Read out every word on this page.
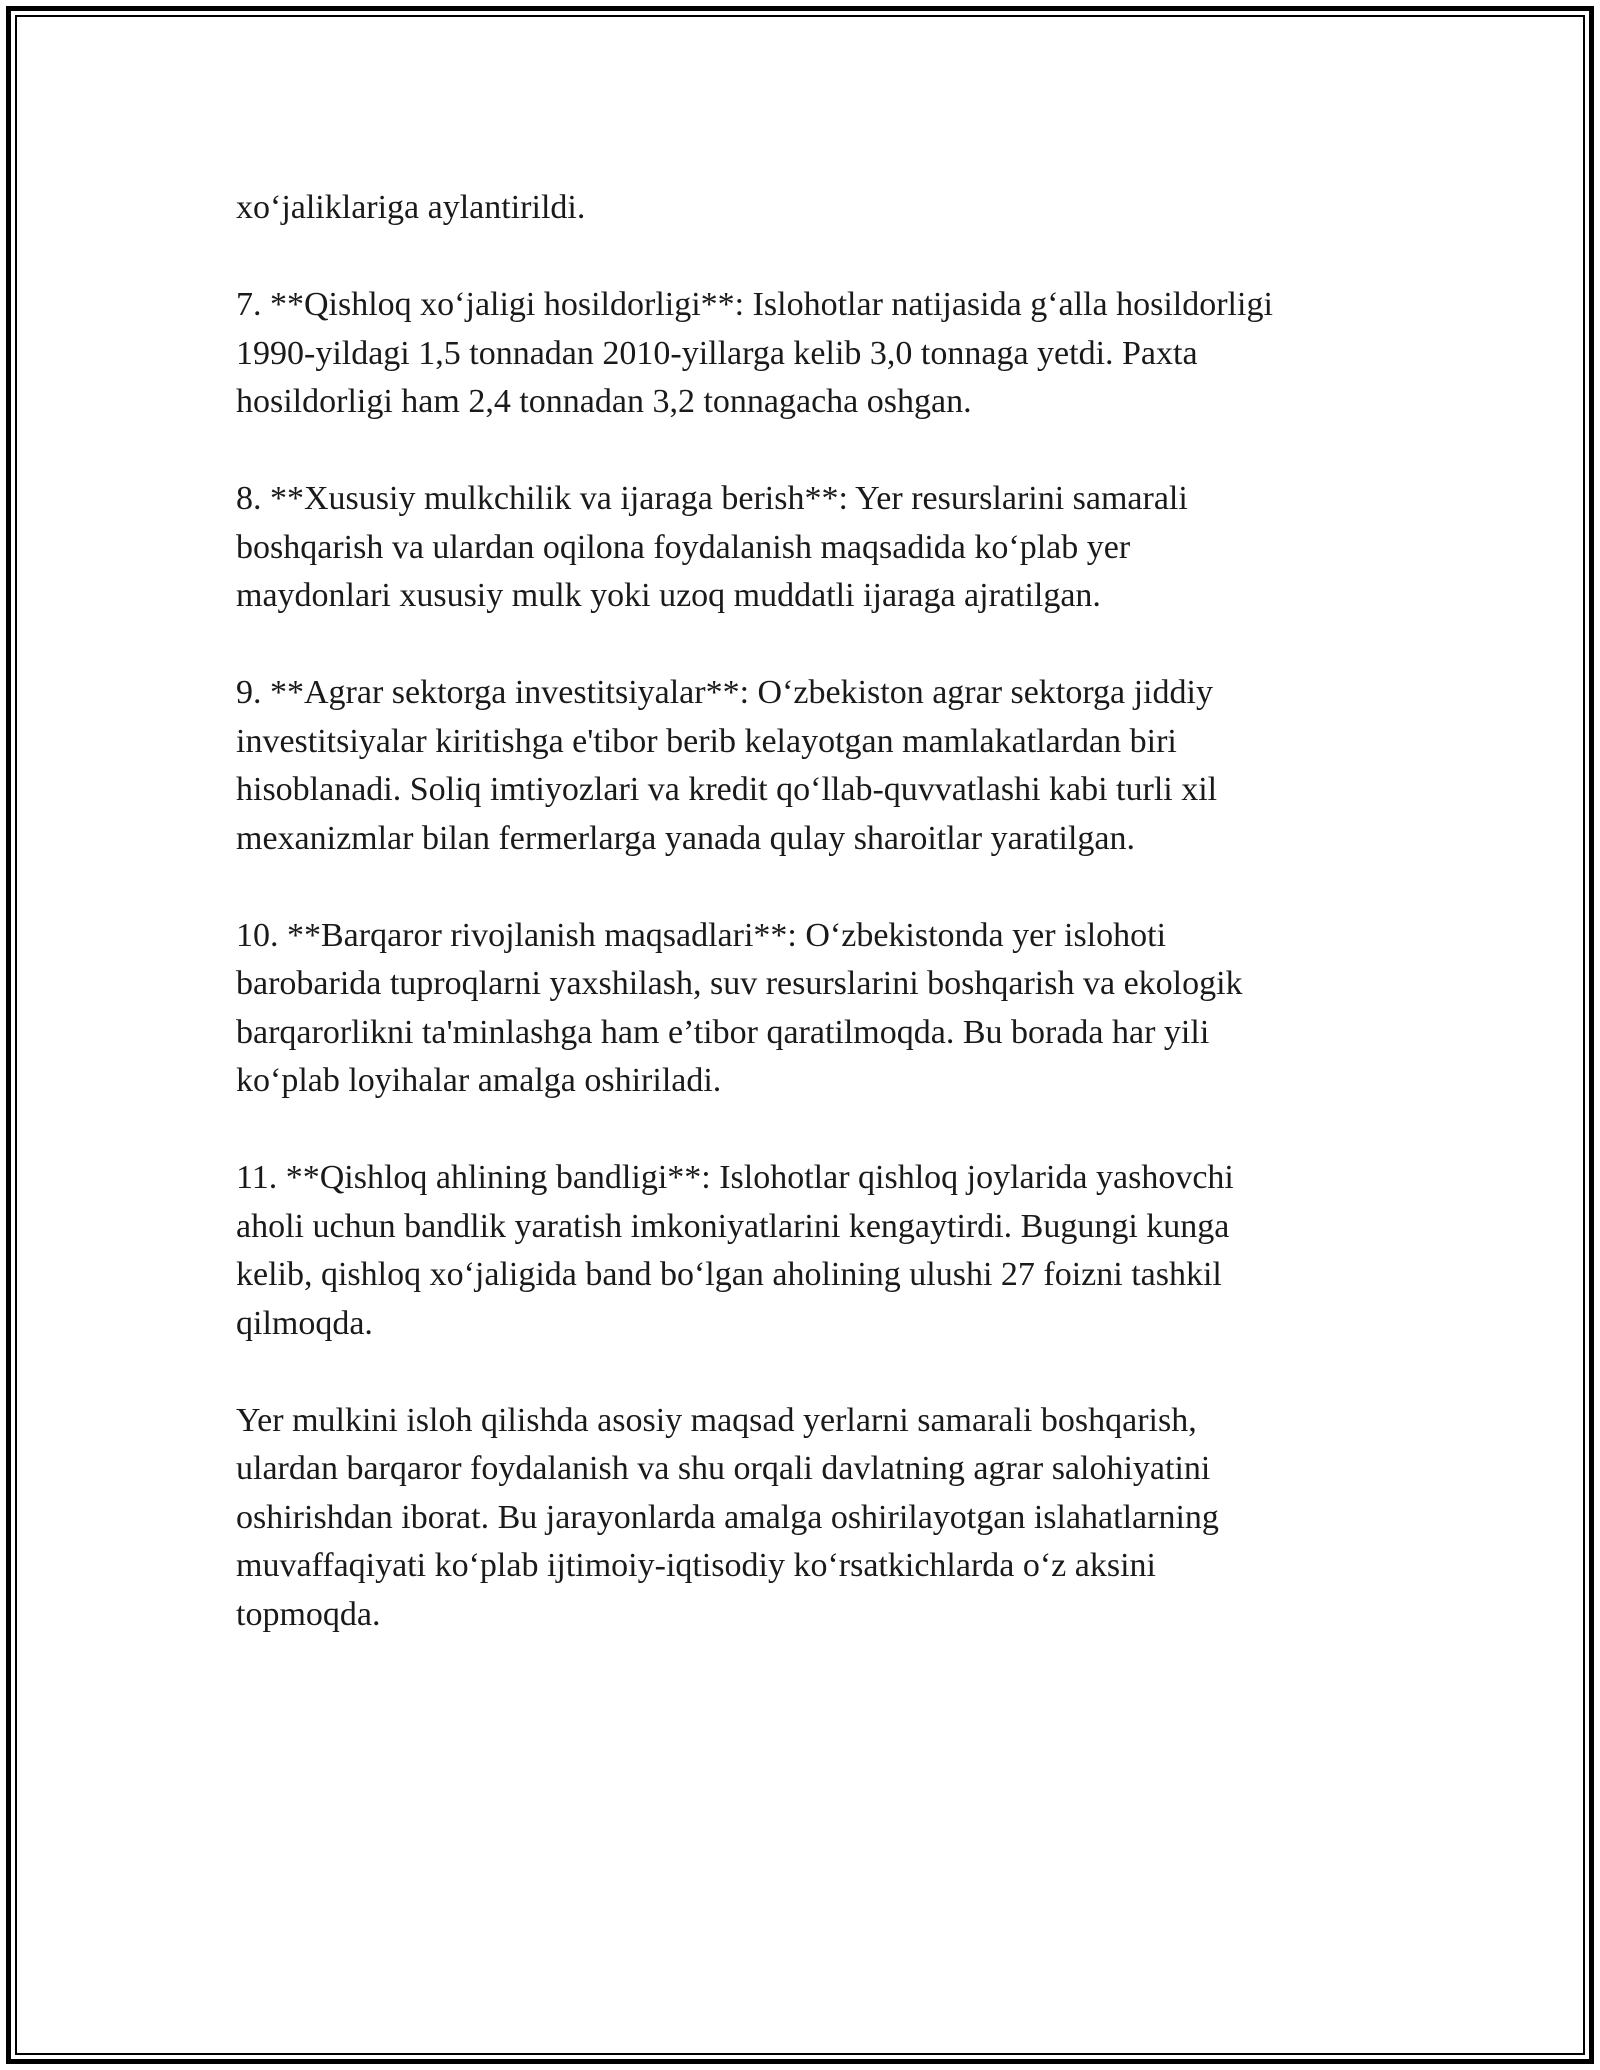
xo‘jaliklariga aylantirildi.

7. **Qishloq xo‘jaligi hosildorligi**: Islohotlar natijasida g‘alla hosildorligi
1990-yildagi 1,5 tonnadan 2010-yillarga kelib 3,0 tonnaga yetdi. Paxta
hosildorligi ham 2,4 tonnadan 3,2 tonnagacha oshgan.

8. **Xususiy mulkchilik va ijaraga berish**: Yer resurslarini samarali
boshqarish va ulardan oqilona foydalanish maqsadida ko‘plab yer
maydonlari xususiy mulk yoki uzoq muddatli ijaraga ajratilgan.

9. **Agrar sektorga investitsiyalar**: O‘zbekiston agrar sektorga jiddiy
investitsiyalar kiritishga e'tibor berib kelayotgan mamlakatlardan biri
hisoblanadi. Soliq imtiyozlari va kredit qo‘llab-quvvatlashi kabi turli xil
mexanizmlar bilan fermerlarga yanada qulay sharoitlar yaratilgan.

10. **Barqaror rivojlanish maqsadlari**: O‘zbekistonda yer islohoti
barobarida tuproqlarni yaxshilash, suv resurslarini boshqarish va ekologik
barqarorlikni ta'minlashga ham e’tibor qaratilmoqda. Bu borada har yili
ko‘plab loyihalar amalga oshiriladi.

11. **Qishloq ahlining bandligi**: Islohotlar qishloq joylarida yashovchi
aholi uchun bandlik yaratish imkoniyatlarini kengaytirdi. Bugungi kunga
kelib, qishloq xo‘jaligida band bo‘lgan aholining ulushi 27 foizni tashkil
qilmoqda.

Yer mulkini isloh qilishda asosiy maqsad yerlarni samarali boshqarish,
ulardan barqaror foydalanish va shu orqali davlatning agrar salohiyatini
oshirishdan iborat. Bu jarayonlarda amalga oshirilayotgan islahatlarning
muvaffaqiyati ko‘plab ijtimoiy-iqtisodiy ko‘rsatkichlarda o‘z aksini
topmoqda.
